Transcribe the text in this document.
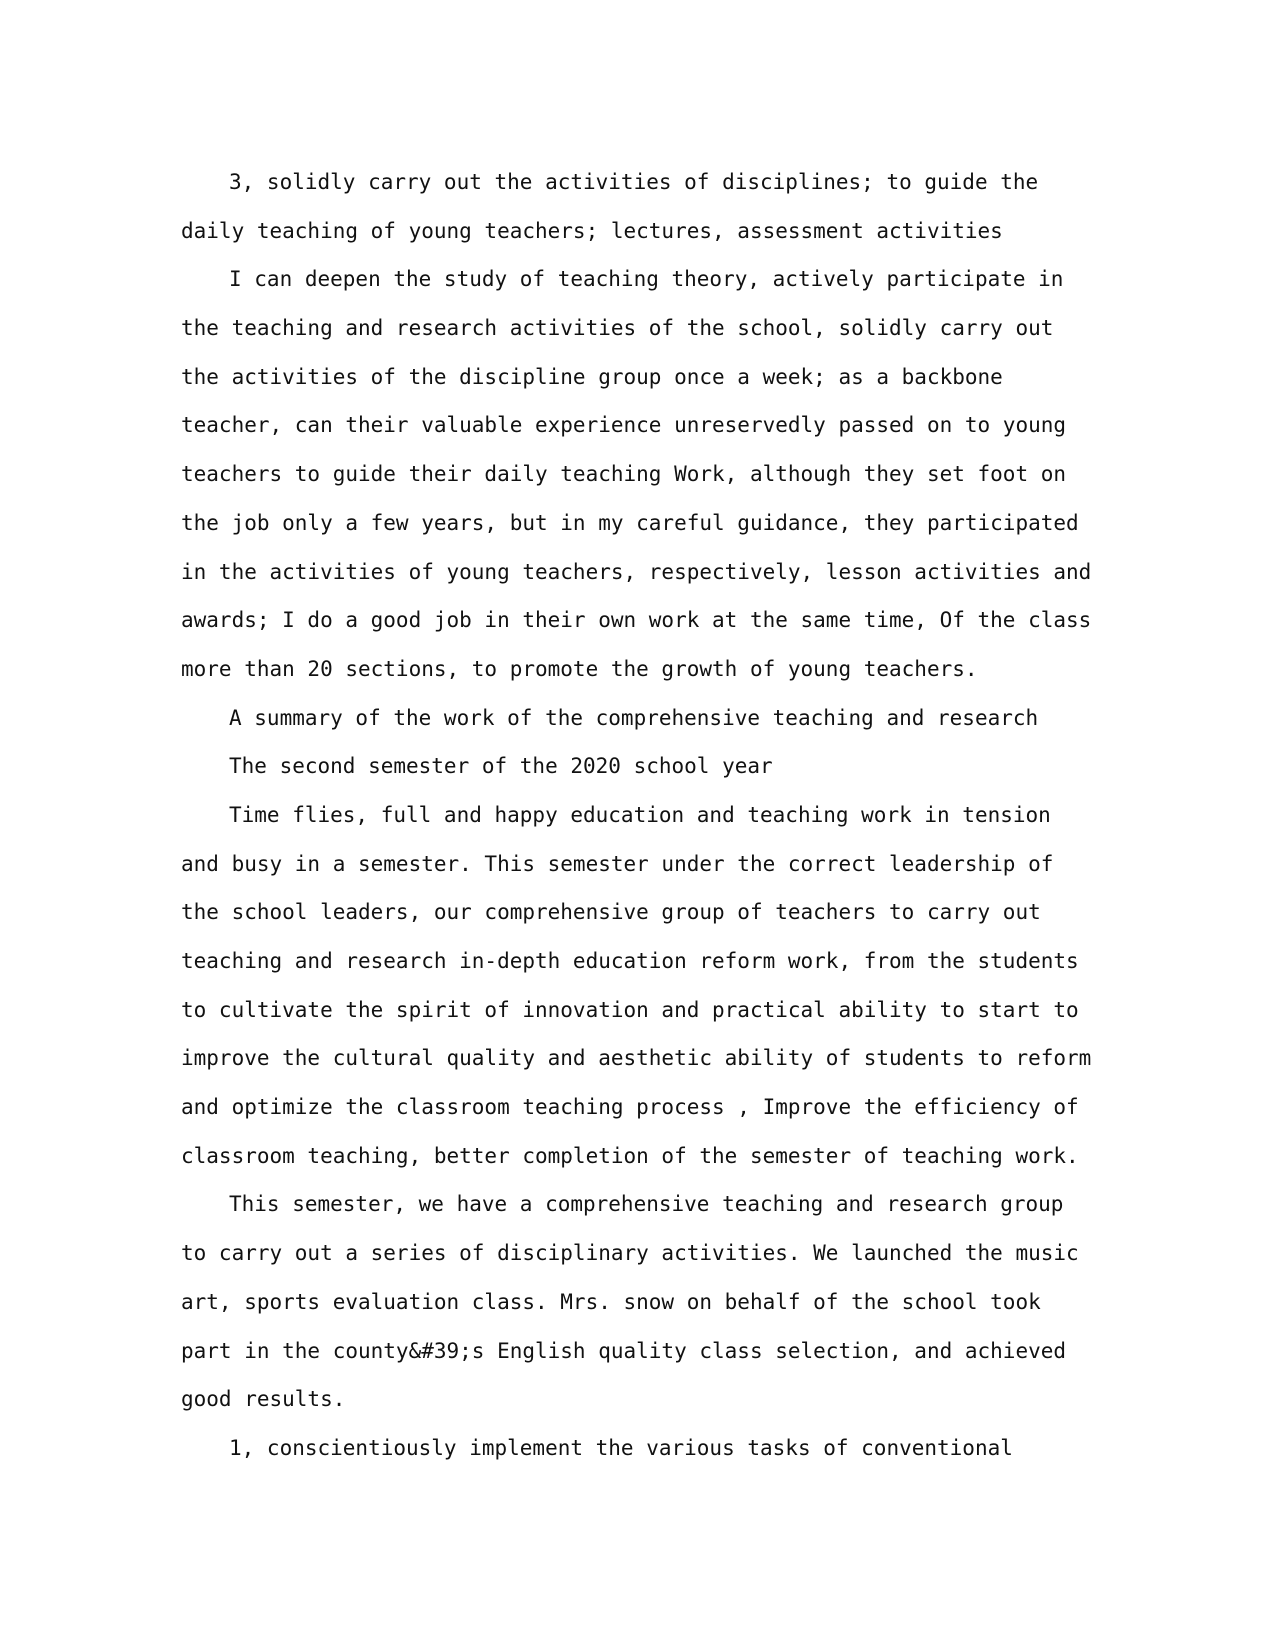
3, solidly carry out the activities of disciplines; to guide the
daily teaching of young teachers; lectures, assessment activities
I can deepen the study of teaching theory, actively participate in
the teaching and research activities of the school, solidly carry out
the activities of the discipline group once a week; as a backbone
teacher, can their valuable experience unreservedly passed on to young
teachers to guide their daily teaching Work, although they set foot on
the job only a few years, but in my careful guidance, they participated
in the activities of young teachers, respectively, lesson activities and
awards; I do a good job in their own work at the same time, Of the class
more than 20 sections, to promote the growth of young teachers.
A summary of the work of the comprehensive teaching and research
The second semester of the 2020 school year
Time flies, full and happy education and teaching work in tension
and busy in a semester. This semester under the correct leadership of
the school leaders, our comprehensive group of teachers to carry out
teaching and research in-depth education reform work, from the students
to cultivate the spirit of innovation and practical ability to start to
improve the cultural quality and aesthetic ability of students to reform
and optimize the classroom teaching process , Improve the efficiency of
classroom teaching, better completion of the semester of teaching work.
This semester, we have a comprehensive teaching and research group
to carry out a series of disciplinary activities. We launched the music
art, sports evaluation class. Mrs. snow on behalf of the school took
part in the county&#39;s English quality class selection, and achieved
good results.
1, conscientiously implement the various tasks of conventional
